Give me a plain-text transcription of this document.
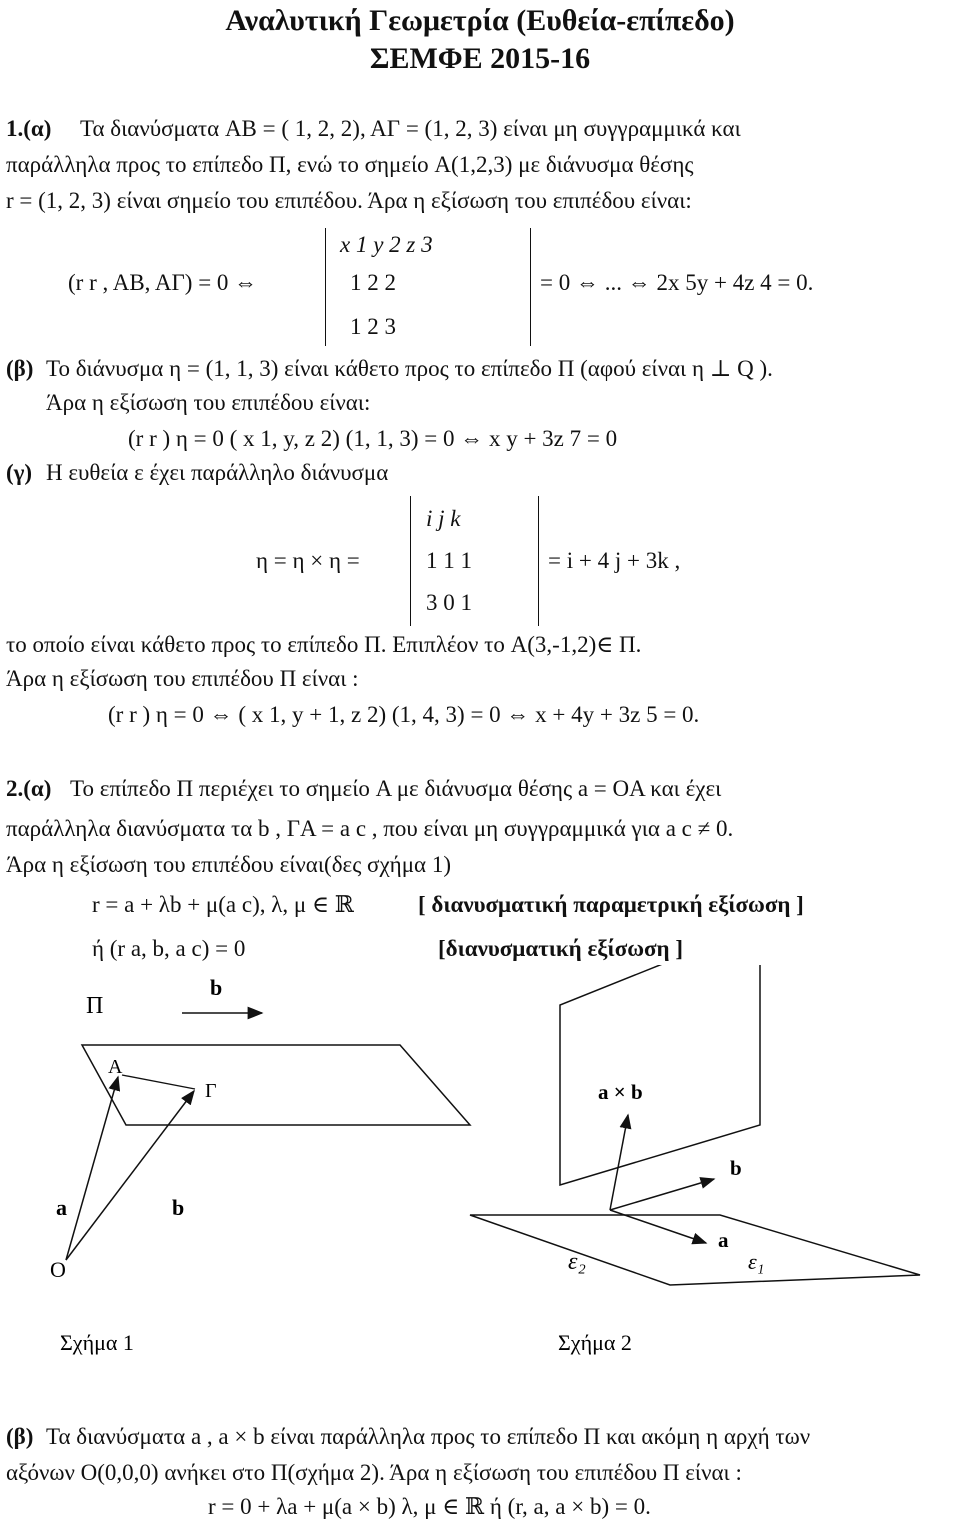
Αναλυτική Γεωμετρία (Ευθεία-επίπεδο)
ΣΕΜΦΕ 2015-16
1.(α) Τα διανύσματα AB = ( 1, 2, 2), AΓ = (1, 2, 3) είναι μη συγγραμμικά και
παράλληλα προς το επίπεδο Π, ενώ το σημείο A(1,2,3) με διάνυσμα θέσης
r = (1, 2, 3) είναι σημείο του επιπέδου. Άρα η εξίσωση του επιπέδου είναι:
x 1 y 2 z 3
(r r , AB, AΓ) = 0 ⇔	1 2 2	= 0 ⇔ ... ⇔ 2x 5y + 4z 4 = 0.
1 2 3
(β) Το διάνυσμα η = (1, 1, 3) είναι κάθετο προς το επίπεδο Π (αφού είναι η ⊥ Q ).
Άρα η εξίσωση του επιπέδου είναι:
(r r ) η = 0 ( x 1, y, z 2) (1, 1, 3) = 0 ⇔ x y + 3z 7 = 0
(γ) Η ευθεία ε έχει παράλληλο διάνυσμα
i j k
η = η × η =	1 1 1	= i + 4 j + 3k ,
3 0 1
το οποίο είναι κάθετο προς το επίπεδο Π. Επιπλέον το A(3,-1,2)∈ Π.
Άρα η εξίσωση του επιπέδου Π είναι :
(r r ) η = 0 ⇔ ( x 1, y + 1, z 2) (1, 4, 3) = 0 ⇔ x + 4y + 3z 5 = 0.
2.(α) Το επίπεδο Π περιέχει το σημείο A με διάνυσμα θέσης a = OA και έχει
παράλληλα διανύσματα τα b , ΓA = a c , που είναι μη συγγραμμικά για a c ≠ 0.
Άρα η εξίσωση του επιπέδου είναι(δες σχήμα 1)
r = a + λb + μ(a c), λ, μ ∈ ℝ	[ διανυσματική παραμετρική εξίσωση ]
ή (r a, b, a c) = 0	[διανυσματική εξίσωση ]
Π
b
A
Γ
a	b
O
Σχήμα 1
a × b
b
a
ε₂	ε₁
Σχήμα 2
(β) Τα διανύσματα a , a × b είναι παράλληλα προς το επίπεδο Π και ακόμη η αρχή των
αξόνων O(0,0,0) ανήκει στο Π(σχήμα 2). Άρα η εξίσωση του επιπέδου Π είναι :
r = 0 + λa + μ(a × b) λ, μ ∈ ℝ ή (r, a, a × b) = 0.
